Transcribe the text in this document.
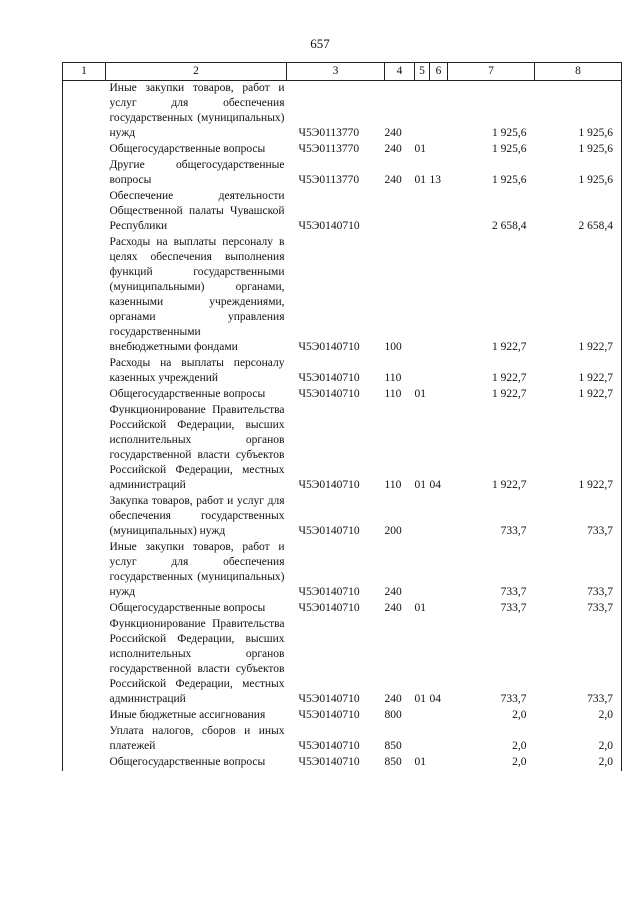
657
1	2	3	4	5	6	7	8
	Иные закупки товаров, работ и услуг для обеспечения государственных (муниципальных) нужд	Ч5Э0113770	240			1 925,6	1 925,6
	Общегосударственные вопросы	Ч5Э0113770	240	01		1 925,6	1 925,6
	Другие общегосударственные вопросы	Ч5Э0113770	240	01	13	1 925,6	1 925,6
	Обеспечение деятельности Общественной палаты Чувашской Республики	Ч5Э0140710				2 658,4	2 658,4
	Расходы на выплаты персоналу в целях обеспечения выполнения функций государственными (муниципальными) органами, казенными учреждениями, органами управления государственными внебюджетными фондами	Ч5Э0140710	100			1 922,7	1 922,7
	Расходы на выплаты персоналу казенных учреждений	Ч5Э0140710	110			1 922,7	1 922,7
	Общегосударственные вопросы	Ч5Э0140710	110	01		1 922,7	1 922,7
	Функционирование Правительства Российской Федерации, высших исполнительных органов государственной власти субъектов Российской Федерации, местных администраций	Ч5Э0140710	110	01	04	1 922,7	1 922,7
	Закупка товаров, работ и услуг для обеспечения государственных (муниципальных) нужд	Ч5Э0140710	200			733,7	733,7
	Иные закупки товаров, работ и услуг для обеспечения государственных (муниципальных) нужд	Ч5Э0140710	240			733,7	733,7
	Общегосударственные вопросы	Ч5Э0140710	240	01		733,7	733,7
	Функционирование Правительства Российской Федерации, высших исполнительных органов государственной власти субъектов Российской Федерации, местных администраций	Ч5Э0140710	240	01	04	733,7	733,7
	Иные бюджетные ассигнования	Ч5Э0140710	800			2,0	2,0
	Уплата налогов, сборов и иных платежей	Ч5Э0140710	850			2,0	2,0
	Общегосударственные вопросы	Ч5Э0140710	850	01		2,0	2,0
